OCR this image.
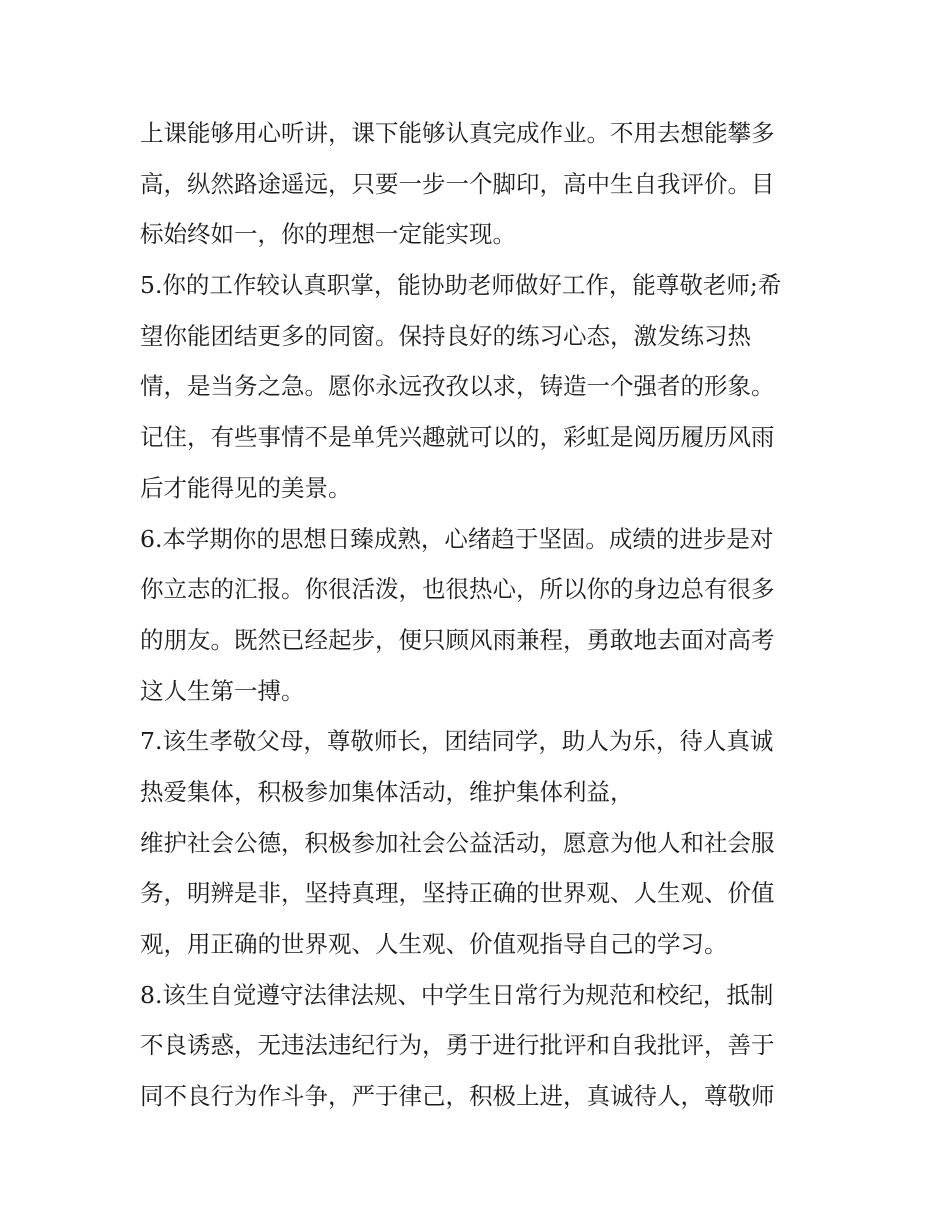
上课能够用心听讲，课下能够认真完成作业。不用去想能攀多
高，纵然路途遥远，只要一步一个脚印，高中生自我评价。目
标始终如一，你的理想一定能实现。
5.你的工作较认真职掌，能协助老师做好工作，能尊敬老师;希
望你能团结更多的同窗。保持良好的练习心态，激发练习热
情，是当务之急。愿你永远孜孜以求，铸造一个强者的形象。
记住，有些事情不是单凭兴趣就可以的，彩虹是阅历履历风雨
后才能得见的美景。
6.本学期你的思想日臻成熟，心绪趋于坚固。成绩的进步是对
你立志的汇报。你很活泼，也很热心，所以你的身边总有很多
的朋友。既然已经起步，便只顾风雨兼程，勇敢地去面对高考
这人生第一搏。
7.该生孝敬父母，尊敬师长，团结同学，助人为乐，待人真诚
热爱集体，积极参加集体活动，维护集体利益，
维护社会公德，积极参加社会公益活动，愿意为他人和社会服
务，明辨是非，坚持真理，坚持正确的世界观、人生观、价值
观，用正确的世界观、人生观、价值观指导自己的学习。
8.该生自觉遵守法律法规、中学生日常行为规范和校纪，抵制
不良诱惑，无违法违纪行为，勇于进行批评和自我批评，善于
同不良行为作斗争，严于律己，积极上进，真诚待人，尊敬师
